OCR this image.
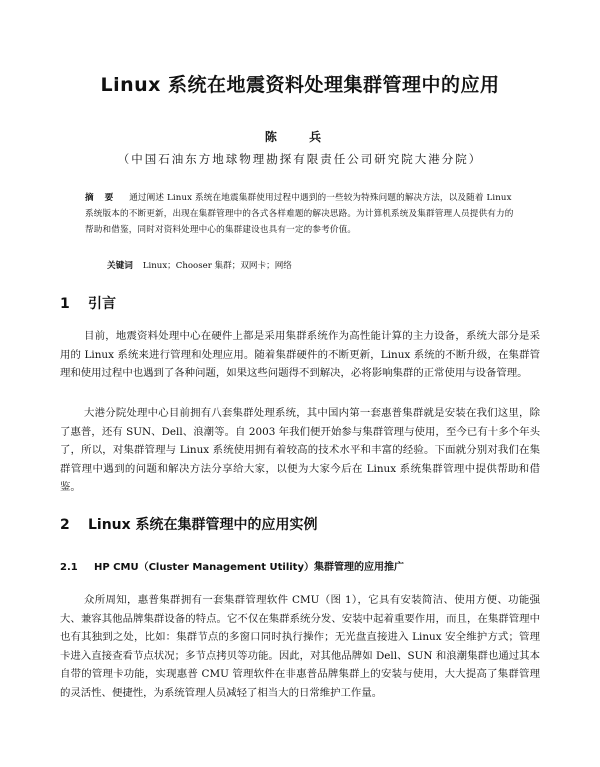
Linux 系统在地震资料处理集群管理中的应用
陈 兵
（中国石油东方地球物理勘探有限责任公司研究院大港分院）
摘 要 通过阐述 Linux 系统在地震集群使用过程中遇到的一些较为特殊问题的解决方法，以及随着 Linux 系统版本的不断更新，出现在集群管理中的各式各样难题的解决思路。为计算机系统及集群管理人员提供有力的帮助和借鉴，同时对资料处理中心的集群建设也具有一定的参考价值。
关键词 Linux；Chooser 集群；双网卡；网络
1 引言
目前，地震资料处理中心在硬件上都是采用集群系统作为高性能计算的主力设备，系统大部分是采用的 Linux 系统来进行管理和处理应用。随着集群硬件的不断更新，Linux 系统的不断升级，在集群管理和使用过程中也遇到了各种问题，如果这些问题得不到解决，必将影响集群的正常使用与设备管理。
大港分院处理中心目前拥有八套集群处理系统，其中国内第一套惠普集群就是安装在我们这里，除了惠普，还有 SUN、Dell、浪潮等。自 2003 年我们便开始参与集群管理与使用，至今已有十多个年头了，所以，对集群管理与 Linux 系统使用拥有着较高的技术水平和丰富的经验。下面就分别对我们在集群管理中遇到的问题和解决方法分享给大家，以便为大家今后在 Linux 系统集群管理中提供帮助和借鉴。
2 Linux 系统在集群管理中的应用实例
2.1 HP CMU（Cluster Management Utility）集群管理的应用推广
众所周知，惠普集群拥有一套集群管理软件 CMU（图 1），它具有安装简洁、使用方便、功能强大、兼容其他品牌集群设备的特点。它不仅在集群系统分发、安装中起着重要作用，而且，在集群管理中也有其独到之处，比如：集群节点的多窗口同时执行操作；无光盘直接进入 Linux 安全维护方式；管理卡进入直接查看节点状况；多节点拷贝等功能。因此，对其他品牌如 Dell、SUN 和浪潮集群也通过其本自带的管理卡功能，实现惠普 CMU 管理软件在非惠普品牌集群上的安装与使用，大大提高了集群管理的灵活性、便捷性，为系统管理人员减轻了相当大的日常维护工作量。
